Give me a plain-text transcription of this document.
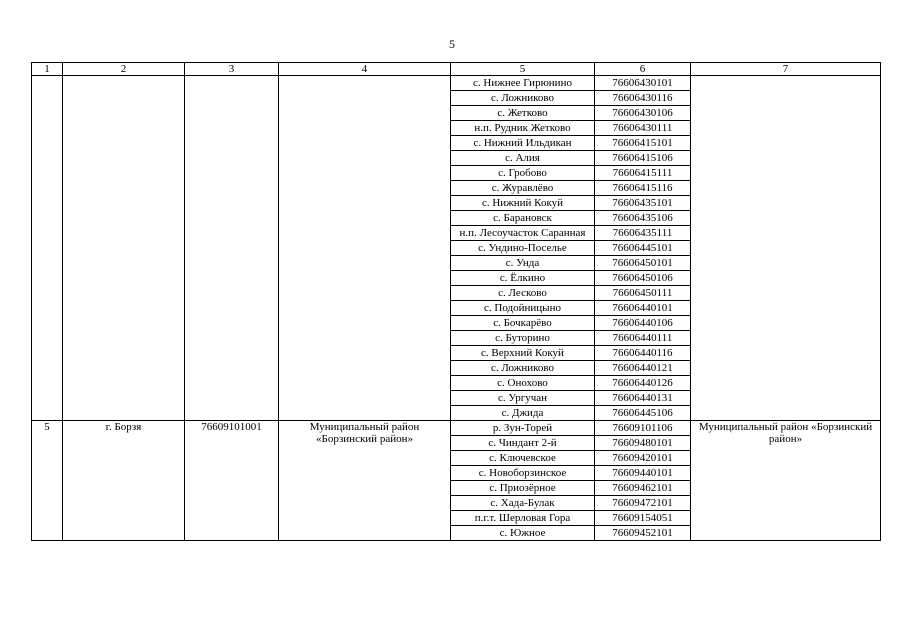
5
1	2	3	4	5	6	7
				с. Нижнее Гирюнино	76606430101	
				с. Ложниково	76606430116	
				с. Жетково	76606430106	
				н.п. Рудник Жетково	76606430111	
				с. Нижний Ильдикан	76606415101	
				с. Алия	76606415106	
				с. Гробово	76606415111	
				с. Журавлёво	76606415116	
				с. Нижний Кокуй	76606435101	
				с. Барановск	76606435106	
				н.п. Лесоучасток Саранная	76606435111	
				с. Ундино-Поселье	76606445101	
				с. Унда	76606450101	
				с. Ёлкино	76606450106	
				с. Лесково	76606450111	
				с. Подойницыно	76606440101	
				с. Бочкарёво	76606440106	
				с. Буторино	76606440111	
				с. Верхний Кокуй	76606440116	
				с. Ложниково	76606440121	
				с. Онохово	76606440126	
				с. Ургучан	76606440131	
				с. Джида	76606445106	
5	г. Борзя	76609101001	Муниципальный район «Борзинский район»	р. Зун-Торей	76609101106	Муниципальный район «Борзинский район»
				с. Чиндант 2-й	76609480101	
				с. Ключевское	76609420101	
				с. Новоборзинское	76609440101	
				с. Приозёрное	76609462101	
				с. Хада-Булак	76609472101	
				п.г.т. Шерловая Гора	76609154051	
				с. Южное	76609452101	
